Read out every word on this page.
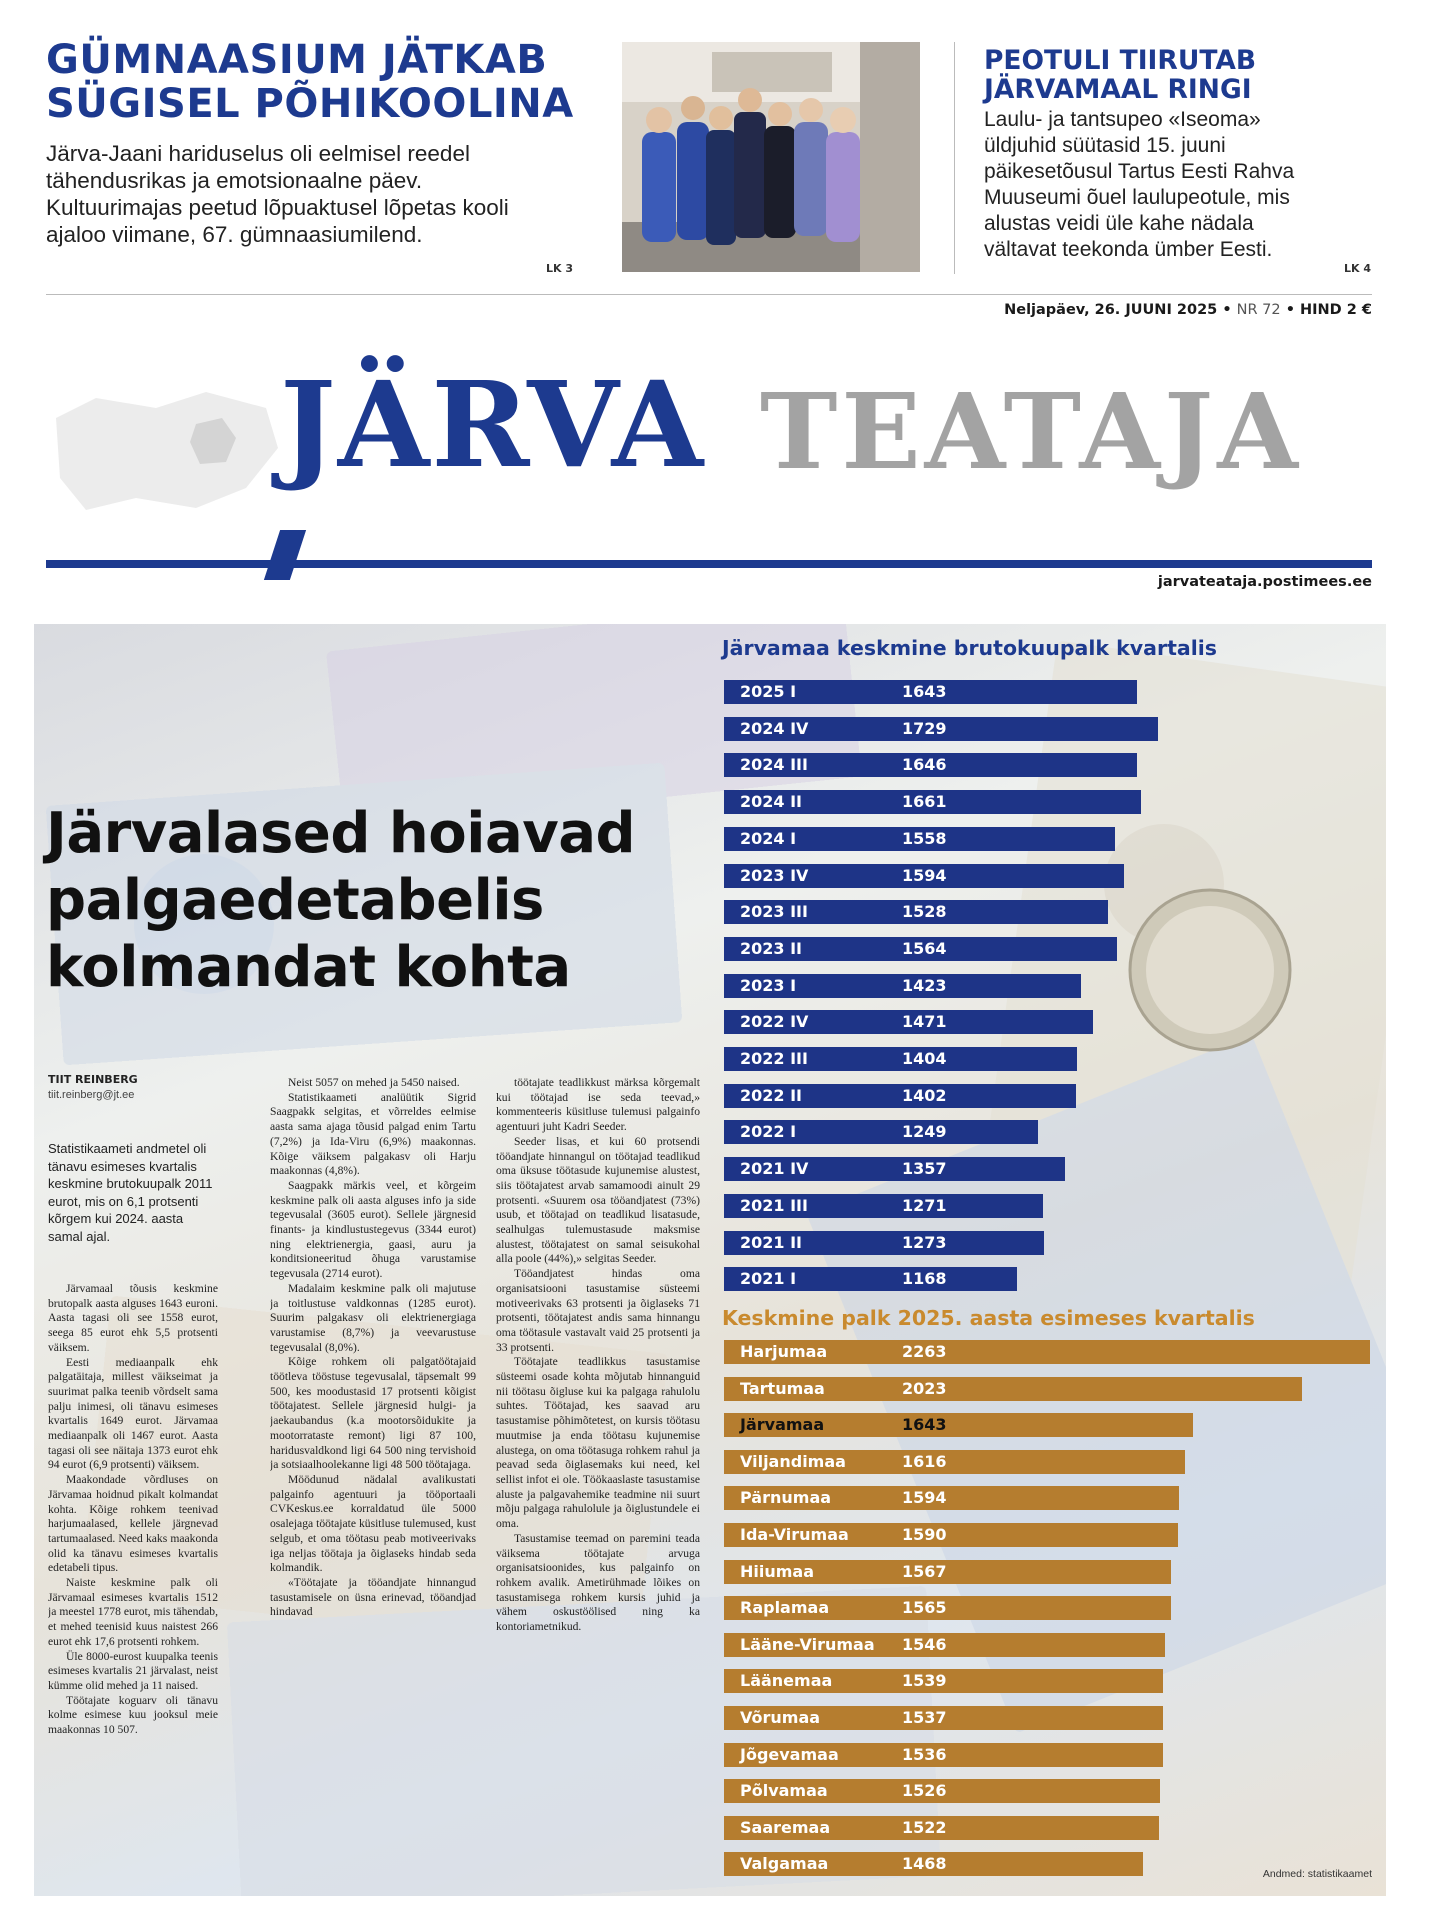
GÜMNAASIUM JÄTKAB
SÜGISEL PÕHIKOOLINA
Järva-Jaani hariduselus oli eelmisel reedel
tähendusrikas ja emotsionaalne päev.
Kultuurimajas peetud lõpuaktusel lõpetas kooli
ajaloo viimane, 67. gümnaasiumilend.
LK 3
PEOTULI TIIRUTAB
JÄRVAMAAL RINGI
Laulu- ja tantsupeo «Iseoma»
üldjuhid süütasid 15. juuni
päikesetõusul Tartus Eesti Rahva
Muuseumi õuel laulupeotule, mis
alustas veidi üle kahe nädala
vältavat teekonda ümber Eesti.
LK 4
Neljapäev, 26. JUUNI 2025 • NR 72 • HIND 2 €
JÄRVA TEATAJA
jarvateataja.postimees.ee
Järvalased hoiavad
palgaedetabelis
kolmandat kohta
TIIT REINBERG
tiit.reinberg@jt.ee
Statistikaameti andmetel oli tänavu esimeses kvartalis keskmine brutokuupalk 2011 eurot, mis on 6,1 protsenti kõrgem kui 2024. aasta samal ajal.

Järvamaal tõusis keskmine brutopalk aasta alguses 1643 euroni. Aasta tagasi oli see 1558 eurot, seega 85 eurot ehk 5,5 protsenti väiksem.

Eesti mediaanpalk ehk palgatäitaja, millest väikseimat ja suurimat palka teenib võrdselt sama palju inimesi, oli tänavu esimeses kvartalis 1649 eurot. Järvamaa mediaanpalk oli 1467 eurot. Aasta tagasi oli see näitaja 1373 eurot ehk 94 eurot (6,9 protsenti) väiksem.

Maakondade võrdluses on Järvamaa hoidnud pikalt kolmandat kohta. Kõige rohkem teenivad harjumaalased, kellele järgnevad tartumaalased. Need kaks maakonda olid ka tänavu esimeses kvartalis edetabeli tipus.

Naiste keskmine palk oli Järvamaal esimeses kvartalis 1512 ja meestel 1778 eurot, mis tähendab, et mehed teenisid kuus naistest 266 eurot ehk 17,6 protsenti rohkem.

Üle 8000-eurost kuupalka teenis esimeses kvartalis 21 järvalast, neist kümme olid mehed ja 11 naised.

Töötajate koguarv oli tänavu kolme esimese kuu jooksul meie maakonnas 10 507.

Neist 5057 on mehed ja 5450 naised.

Statistikaameti analüütik Sigrid Saagpakk selgitas, et võrreldes eelmise aasta sama ajaga tõusid palgad enim Tartu (7,2%) ja Ida-Viru (6,9%) maakonnas. Kõige väiksem palgakasv oli Harju maakonnas (4,8%).

Saagpakk märkis veel, et kõrgeim keskmine palk oli aasta alguses info ja side tegevusalal (3605 eurot). Sellele järgnesid finants- ja kindlustustegevus (3344 eurot) ning elektrienergia, gaasi, auru ja konditsioneeritud õhuga varustamise tegevusala (2714 eurot).

Madalaim keskmine palk oli majutuse ja toitlustuse valdkonnas (1285 eurot). Suurim palgakasv oli elektrienergiaga varustamise (8,7%) ja veevarustuse tegevusalal (8,0%).

Kõige rohkem oli palgatöötajaid töötleva tööstuse tegevusalal, täpsemalt 99 500, kes moodustasid 17 protsenti kõigist töötajatest. Sellele järgnesid hulgi- ja jaekaubandus (k.a mootorsõidukite ja mootorrataste remont) ligi 87 100, haridusvaldkond ligi 64 500 ning tervishoid ja sotsiaalhoolekanne ligi 48 500 töötajaga.

Möödunud nädalal avalikustati palgainfo agentuuri ja tööportaali CVKeskus.ee korraldatud üle 5000 osalejaga töötajate küsitluse tulemused, kust selgub, et oma töötasu peab motiveerivaks iga neljas töötaja ja õiglaseks hindab seda kolmandik.

«Töötajate ja tööandjate hinnangud tasustamisele on üsna erinevad, tööandjad hindavad

töötajate teadlikkust märksa kõrgemalt kui töötajad ise seda teevad,» kommenteeris küsitluse tulemusi palgainfo agentuuri juht Kadri Seeder.

Seeder lisas, et kui 60 protsendi tööandjate hinnangul on töötajad teadlikud oma üksuse töötasude kujunemise alustest, siis töötajatest arvab samamoodi ainult 29 protsenti. «Suurem osa tööandjatest (73%) usub, et töötajad on teadlikud lisatasude, sealhulgas tulemustasude maksmise alustest, töötajatest on samal seisukohal alla poole (44%),» selgitas Seeder.

Tööandjatest hindas oma organisatsiooni tasustamise süsteemi motiveerivaks 63 protsenti ja õiglaseks 71 protsenti, töötajatest andis sama hinnangu oma töötasule vastavalt vaid 25 protsenti ja 33 protsenti.

Töötajate teadlikkus tasustamise süsteemi osade kohta mõjutab hinnanguid nii töötasu õigluse kui ka palgaga rahulolu suhtes. Töötajad, kes saavad aru tasustamise põhimõtetest, on kursis töötasu muutmise ja enda töötasu kujunemise alustega, on oma töötasuga rohkem rahul ja peavad seda õiglasemaks kui need, kel sellist infot ei ole. Töökaaslaste tasustamise aluste ja palgavahemike teadmine nii suurt mõju palgaga rahulolule ja õiglustundele ei oma.

Tasustamise teemad on paremini teada väiksema töötajate arvuga organisatsioonides, kus palgainfo on rohkem avalik. Ametirühmade lõikes on tasustamisega rohkem kursis juhid ja vähem oskustöölised ning ka kontoriametnikud.

Järvamaa keskmine brutokuupalk kvartalis
2025 I	1643
2024 IV	1729
2024 III	1646
2024 II	1661
2024 I	1558
2023 IV	1594
2023 III	1528
2023 II	1564
2023 I	1423
2022 IV	1471
2022 III	1404
2022 II	1402
2022 I	1249
2021 IV	1357
2021 III	1271
2021 II	1273
2021 I	1168
Keskmine palk 2025. aasta esimeses kvartalis
Harjumaa	2263
Tartumaa	2023
Järvamaa	1643
Viljandimaa	1616
Pärnumaa	1594
Ida-Virumaa	1590
Hiiumaa	1567
Raplamaa	1565
Lääne-Virumaa 1546
Läänemaa	1539
Võrumaa	1537
Jõgevamaa	1536
Põlvamaa	1526
Saaremaa	1522
Valgamaa	1468
Andmed: statistikaamet
